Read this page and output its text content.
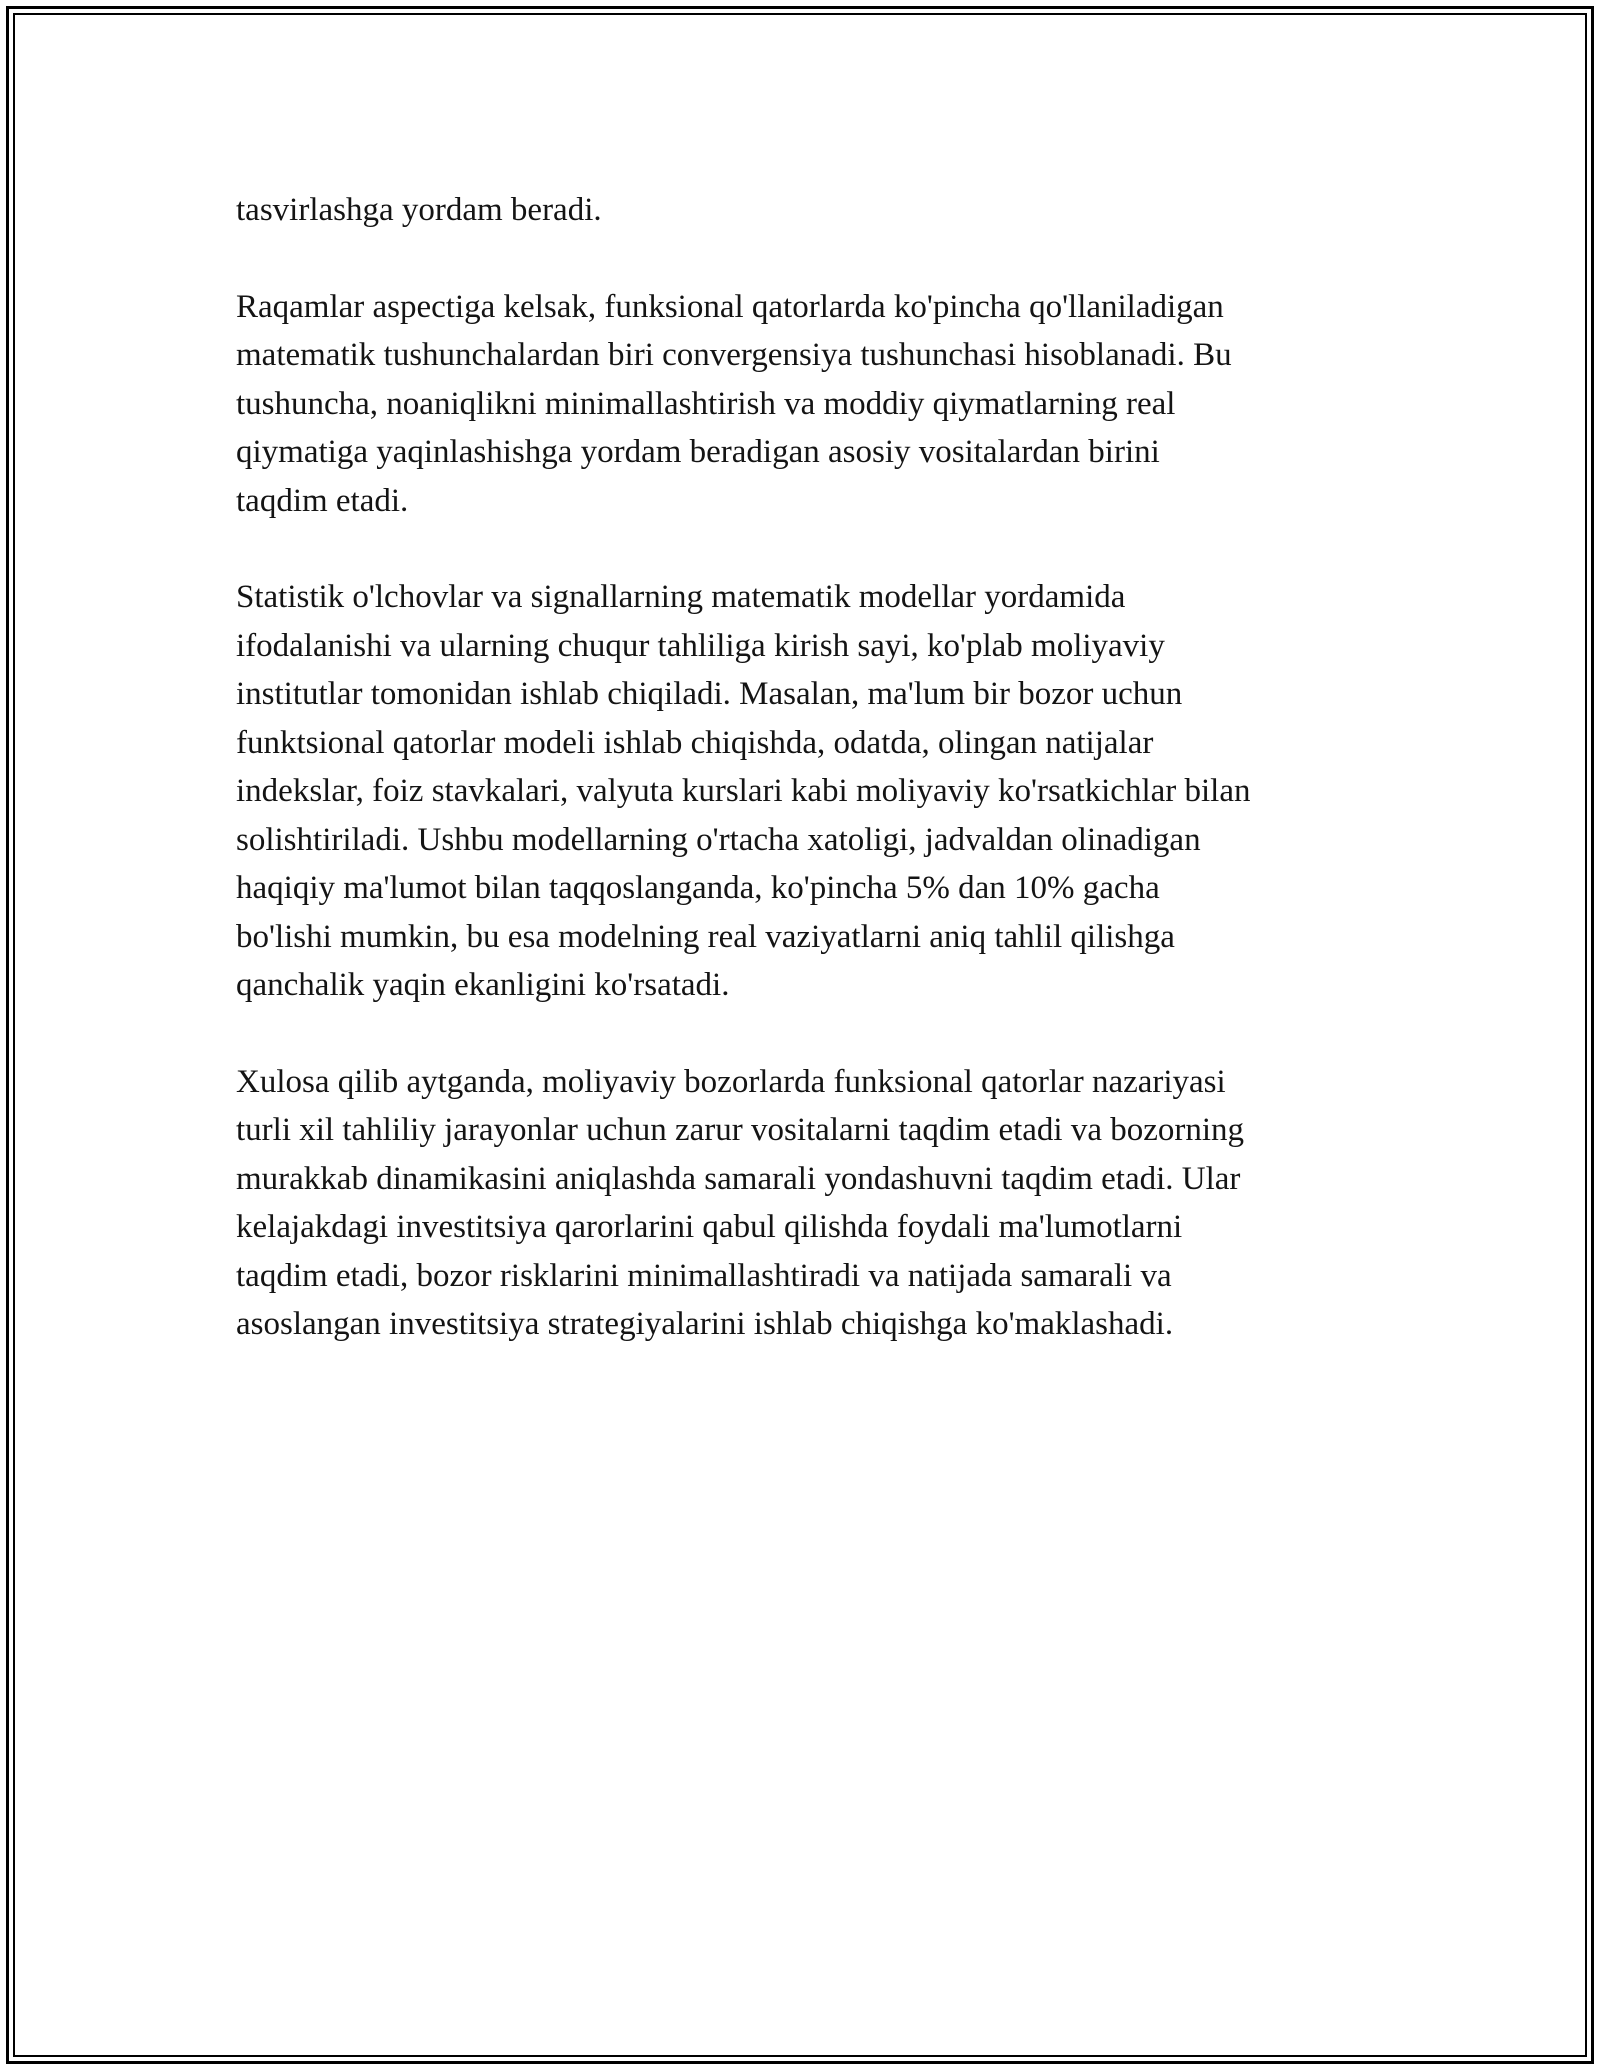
tasvirlashga yordam beradi.

Raqamlar aspectiga kelsak, funksional qatorlarda ko'pincha qo'llaniladigan
matematik tushunchalardan biri convergensiya tushunchasi hisoblanadi. Bu
tushuncha, noaniqlikni minimallashtirish va moddiy qiymatlarning real
qiymatiga yaqinlashishga yordam beradigan asosiy vositalardan birini
taqdim etadi.

Statistik o'lchovlar va signallarning matematik modellar yordamida
ifodalanishi va ularning chuqur tahliliga kirish sayi, ko'plab moliyaviy
institutlar tomonidan ishlab chiqiladi. Masalan, ma'lum bir bozor uchun
funktsional qatorlar modeli ishlab chiqishda, odatda, olingan natijalar
indekslar, foiz stavkalari, valyuta kurslari kabi moliyaviy ko'rsatkichlar bilan
solishtiriladi. Ushbu modellarning o'rtacha xatoligi, jadvaldan olinadigan
haqiqiy ma'lumot bilan taqqoslanganda, ko'pincha 5% dan 10% gacha
bo'lishi mumkin, bu esa modelning real vaziyatlarni aniq tahlil qilishga
qanchalik yaqin ekanligini ko'rsatadi.

Xulosa qilib aytganda, moliyaviy bozorlarda funksional qatorlar nazariyasi
turli xil tahliliy jarayonlar uchun zarur vositalarni taqdim etadi va bozorning
murakkab dinamikasini aniqlashda samarali yondashuvni taqdim etadi. Ular
kelajakdagi investitsiya qarorlarini qabul qilishda foydali ma'lumotlarni
taqdim etadi, bozor risklarini minimallashtiradi va natijada samarali va
asoslangan investitsiya strategiyalarini ishlab chiqishga ko'maklashadi.
